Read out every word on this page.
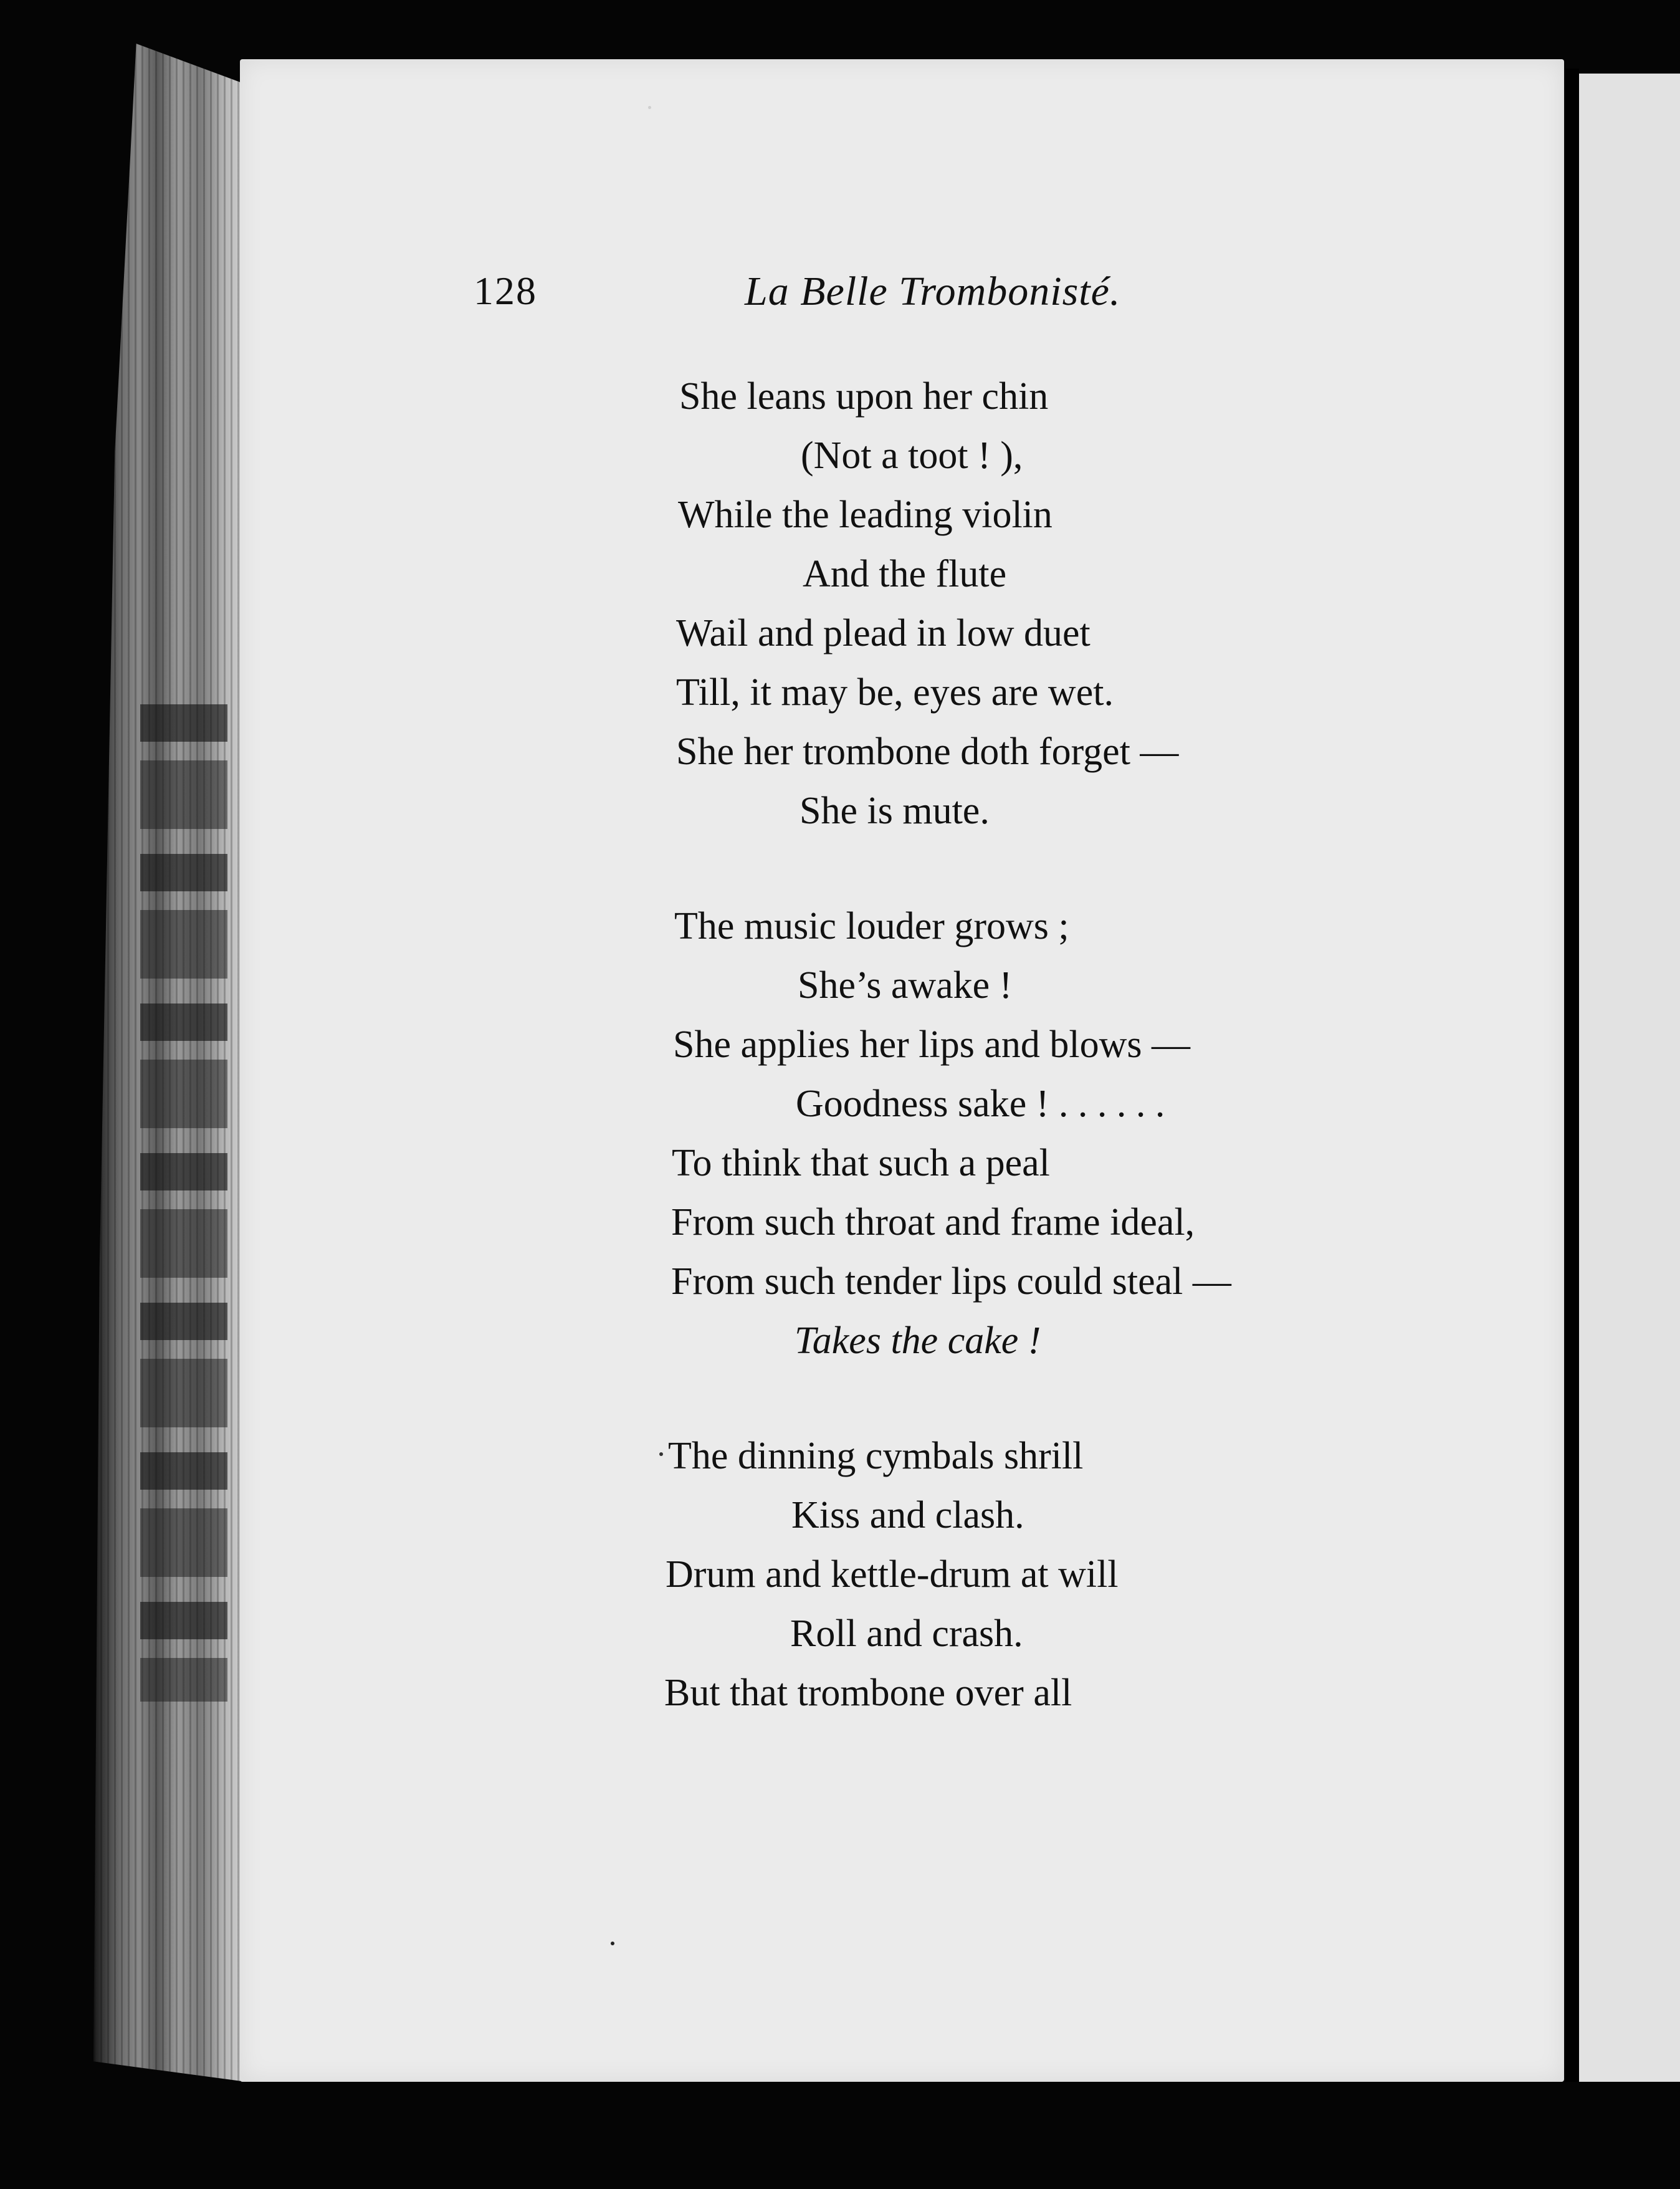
128	La Belle Trombonisté.
She leans upon her chin
(Not a toot ! ),
While the leading violin
And the flute
Wail and plead in low duet
Till, it may be, eyes are wet.
She her trombone doth forget —
She is mute.
The music louder grows ;
She’s awake !
She applies her lips and blows —
Goodness sake ! . . . . . .
To think that such a peal
From such throat and frame ideal,
From such tender lips could steal —
Takes the cake !
The dinning cymbals shrill
Kiss and clash.
Drum and kettle-drum at will
Roll and crash.
But that trombone over all
